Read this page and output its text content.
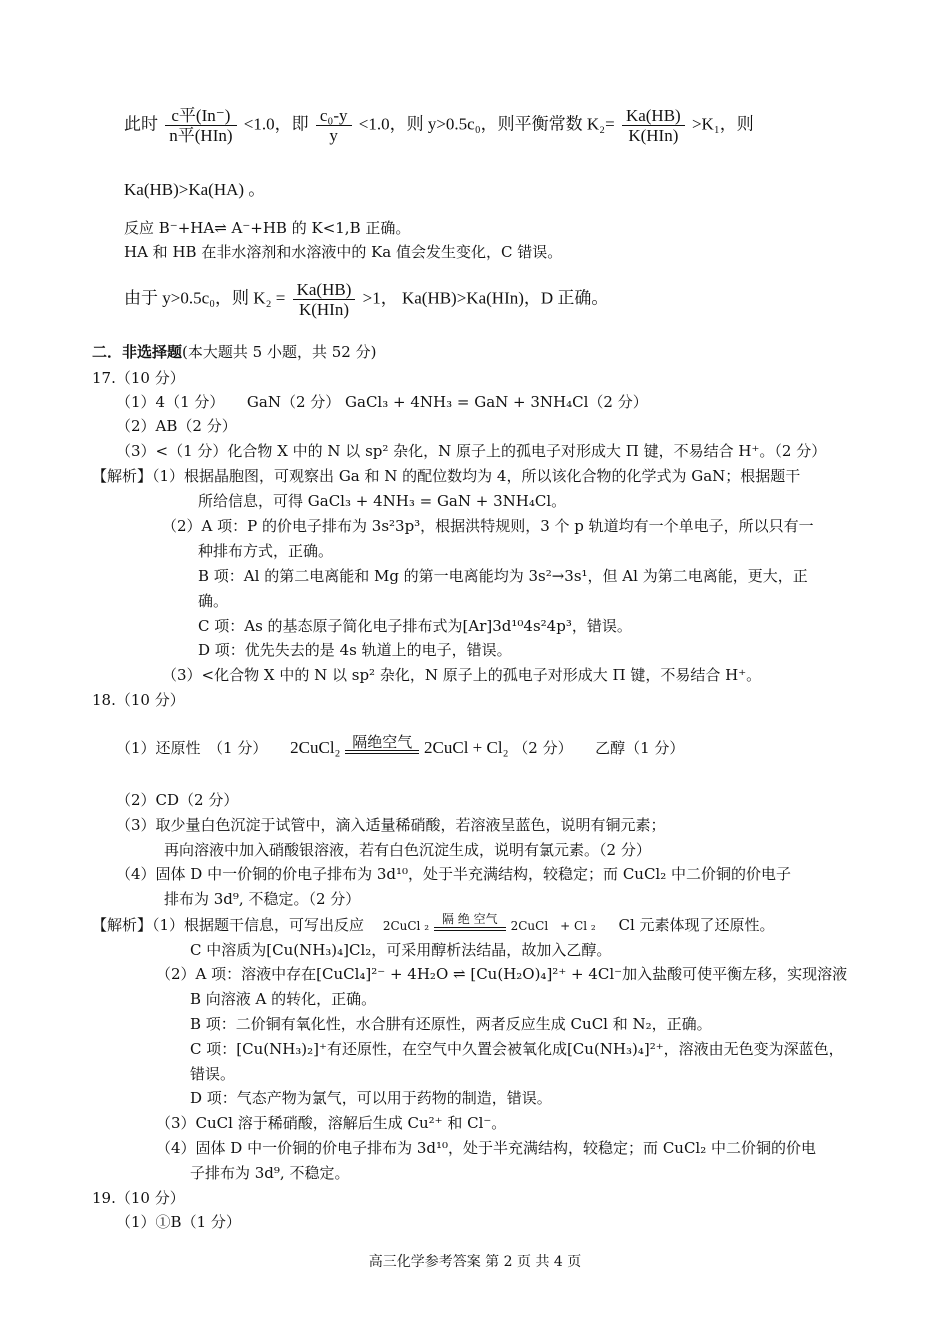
此时 $\frac{\text{c平(In⁻)}}{\text{n平(HIn)}} <1.0$，即 $\frac{\text{c₀-y}}{y} <1.0$，则 y>0.5c₀，则平衡常数 $K_2= \frac{Ka(HB)}{\text{K(HIn)}} >K_1$，则
Ka(HB)>Ka(HA) 。
反应 B⁻+HA⇌ A⁻+HB 的 K<1,B 正确。
HA 和 HB 在非水溶剂和水溶液中的 Ka 值会发生变化，C 错误。
由于 y>0.5c₀，则 $K_2 = \frac{Ka(HB)}{\text{K(HIn)}} >1$， Ka(HB)>Ka(HIn)，D 正确。
二．非选择题(本大题共 5 小题，共 52 分)
17.（10 分）
（1）4（1 分）　　GaN（2 分） GaCl₃ + 4NH₃ = GaN + 3NH₄Cl（2 分）
（2）AB（2 分）
（3）<（1 分）化合物 X 中的 N 以 sp² 杂化，N 原子上的孤电子对形成大 Π 键，不易结合 H⁺。（2 分）
【解析】（1）根据晶胞图，可观察出 Ga 和 N 的配位数均为 4，所以该化合物的化学式为 GaN；根据题干
所给信息，可得 GaCl₃ + 4NH₃ = GaN + 3NH₄Cl。
（2）A 项：P 的价电子排布为 3s²3p³，根据洪特规则，3 个 p 轨道均有一个单电子，所以只有一
种排布方式，正确。
B 项：Al 的第二电离能和 Mg 的第一电离能均为 3s²→3s¹，但 Al 为第二电离能，更大，正
确。
C 项：As 的基态原子简化电子排布式为[Ar]3d¹⁰4s²4p³，错误。
D 项：优先失去的是 4s 轨道上的电子，错误。
（3）<化合物 X 中的 N 以 sp² 杂化，N 原子上的孤电子对形成大 Π 键，不易结合 H⁺。
18.（10 分）
（1）还原性　（1 分） 2CuCl₂ 隔绝空气 2CuCl + Cl₂ （2 分）　　乙醇（1 分）
（2）CD（2 分）
（3）取少量白色沉淀于试管中，滴入适量稀硝酸，若溶液呈蓝色，说明有铜元素；
再向溶液中加入硝酸银溶液，若有白色沉淀生成，说明有氯元素。（2 分）
（4）固体 D 中一价铜的价电子排布为 3d¹⁰，处于半充满结构，较稳定；而 CuCl₂ 中二价铜的价电子
排布为 3d⁹, 不稳定。（2 分）
【解析】（1）根据题干信息，可写出反应 2CuCl ₂	隔 绝 空气	2CuCl　+ Cl ₂ Cl 元素体现了还原性。
C 中溶质为[Cu(NH₃)₄]Cl₂，可采用醇析法结晶，故加入乙醇。
（2）A 项：溶液中存在[CuCl₄]²⁻ + 4H₂O ⇌ [Cu(H₂O)₄]²⁺ + 4Cl⁻加入盐酸可使平衡左移，实现溶液
B 向溶液 A 的转化，正确。
B 项：二价铜有氧化性，水合肼有还原性，两者反应生成 CuCl 和 N₂，正确。
C 项：[Cu(NH₃)₂]⁺有还原性，在空气中久置会被氧化成[Cu(NH₃)₄]²⁺，溶液由无色变为深蓝色，
错误。
D 项：气态产物为氯气，可以用于药物的制造，错误。
（3）CuCl 溶于稀硝酸，溶解后生成 Cu²⁺ 和 Cl⁻。
（4）固体 D 中一价铜的价电子排布为 3d¹⁰，处于半充满结构，较稳定；而 CuCl₂ 中二价铜的价电
子排布为 3d⁹, 不稳定。
19.（10 分）
（1）①B（1 分）
高三化学参考答案 第 2 页 共 4 页
